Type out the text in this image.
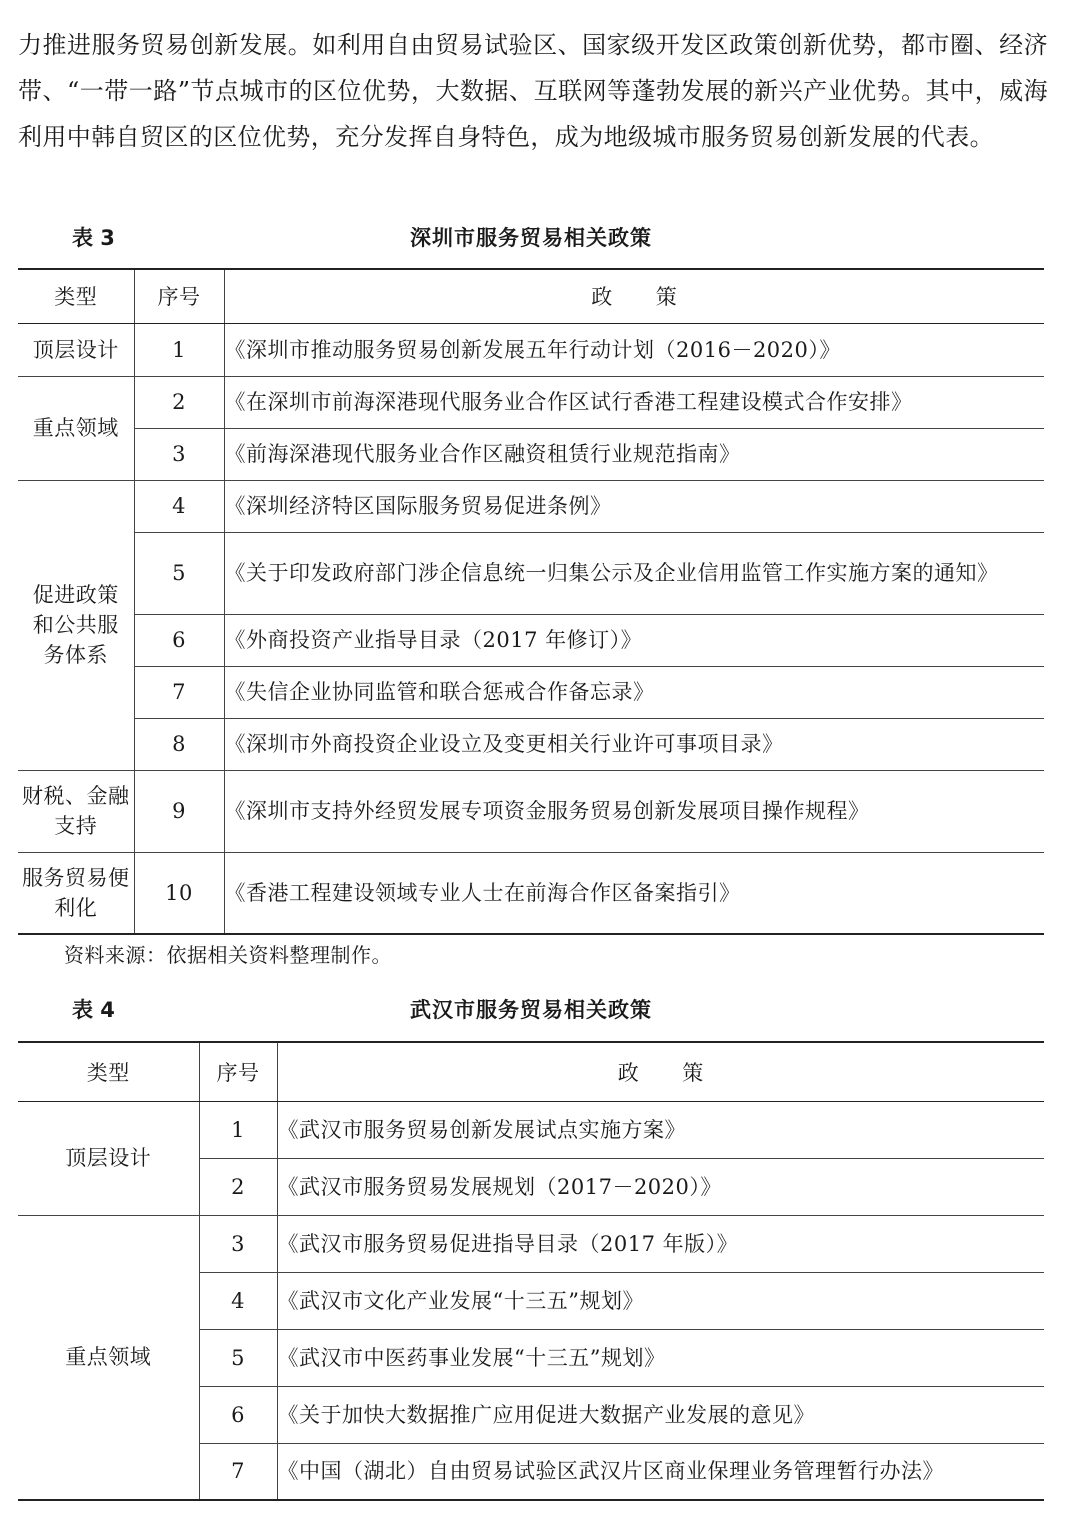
力推进服务贸易创新发展。如利用自由贸易试验区、国家级开发区政策创新优势，都市圈、经济带、“一带一路”节点城市的区位优势，大数据、互联网等蓬勃发展的新兴产业优势。其中，威海利用中韩自贸区的区位优势，充分发挥自身特色，成为地级城市服务贸易创新发展的代表。

表 3	深圳市服务贸易相关政策
类型	序号	政　　策
顶层设计	1	《深圳市推动服务贸易创新发展五年行动计划（2016－2020）》
重点领域	2	《在深圳市前海深港现代服务业合作区试行香港工程建设模式合作安排》
	3	《前海深港现代服务业合作区融资租赁行业规范指南》
促进政策和公共服务体系	4	《深圳经济特区国际服务贸易促进条例》
	5	《关于印发政府部门涉企信息统一归集公示及企业信用监管工作实施方案的通知》
	6	《外商投资产业指导目录（2017 年修订）》
	7	《失信企业协同监管和联合惩戒合作备忘录》
	8	《深圳市外商投资企业设立及变更相关行业许可事项目录》
财税、金融支持	9	《深圳市支持外经贸发展专项资金服务贸易创新发展项目操作规程》
服务贸易便利化	10	《香港工程建设领域专业人士在前海合作区备案指引》
资料来源：依据相关资料整理制作。
表 4	武汉市服务贸易相关政策
类型	序号	政　　策
顶层设计	1	《武汉市服务贸易创新发展试点实施方案》
	2	《武汉市服务贸易发展规划（2017－2020）》
重点领域	3	《武汉市服务贸易促进指导目录（2017 年版）》
	4	《武汉市文化产业发展“十三五”规划》
	5	《武汉市中医药事业发展“十三五”规划》
	6	《关于加快大数据推广应用促进大数据产业发展的意见》
	7	《中国（湖北）自由贸易试验区武汉片区商业保理业务管理暂行办法》
